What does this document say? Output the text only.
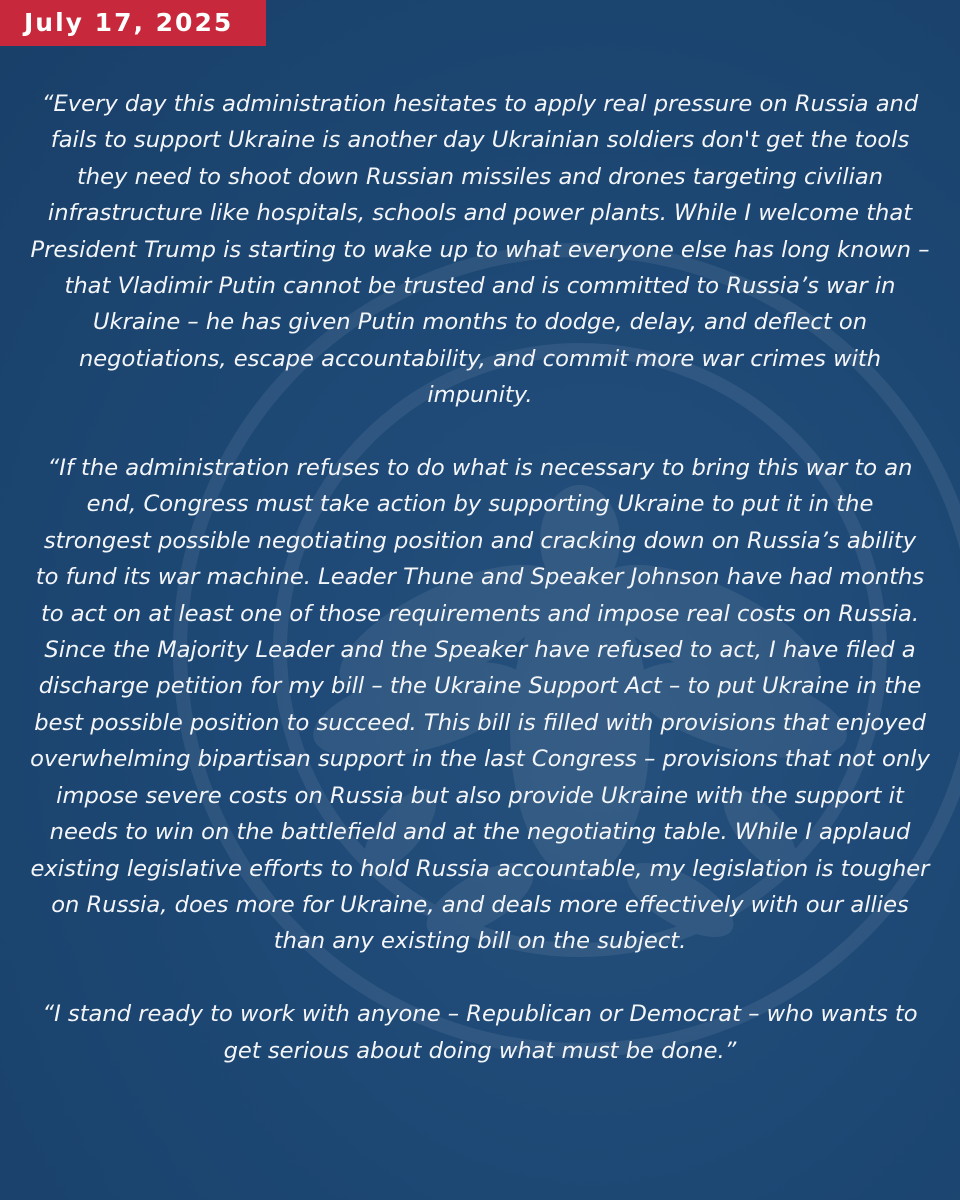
July 17, 2025

“Every day this administration hesitates to apply real pressure on Russia and fails to support Ukraine is another day Ukrainian soldiers don't get the tools they need to shoot down Russian missiles and drones targeting civilian infrastructure like hospitals, schools and power plants. While I welcome that President Trump is starting to wake up to what everyone else has long known – that Vladimir Putin cannot be trusted and is committed to Russia’s war in Ukraine – he has given Putin months to dodge, delay, and deflect on negotiations, escape accountability, and commit more war crimes with impunity.

“If the administration refuses to do what is necessary to bring this war to an end, Congress must take action by supporting Ukraine to put it in the strongest possible negotiating position and cracking down on Russia’s ability to fund its war machine. Leader Thune and Speaker Johnson have had months to act on at least one of those requirements and impose real costs on Russia. Since the Majority Leader and the Speaker have refused to act, I have filed a discharge petition for my bill – the Ukraine Support Act – to put Ukraine in the best possible position to succeed. This bill is filled with provisions that enjoyed overwhelming bipartisan support in the last Congress – provisions that not only impose severe costs on Russia but also provide Ukraine with the support it needs to win on the battlefield and at the negotiating table. While I applaud existing legislative efforts to hold Russia accountable, my legislation is tougher on Russia, does more for Ukraine, and deals more effectively with our allies than any existing bill on the subject.

“I stand ready to work with anyone – Republican or Democrat – who wants to get serious about doing what must be done.”
